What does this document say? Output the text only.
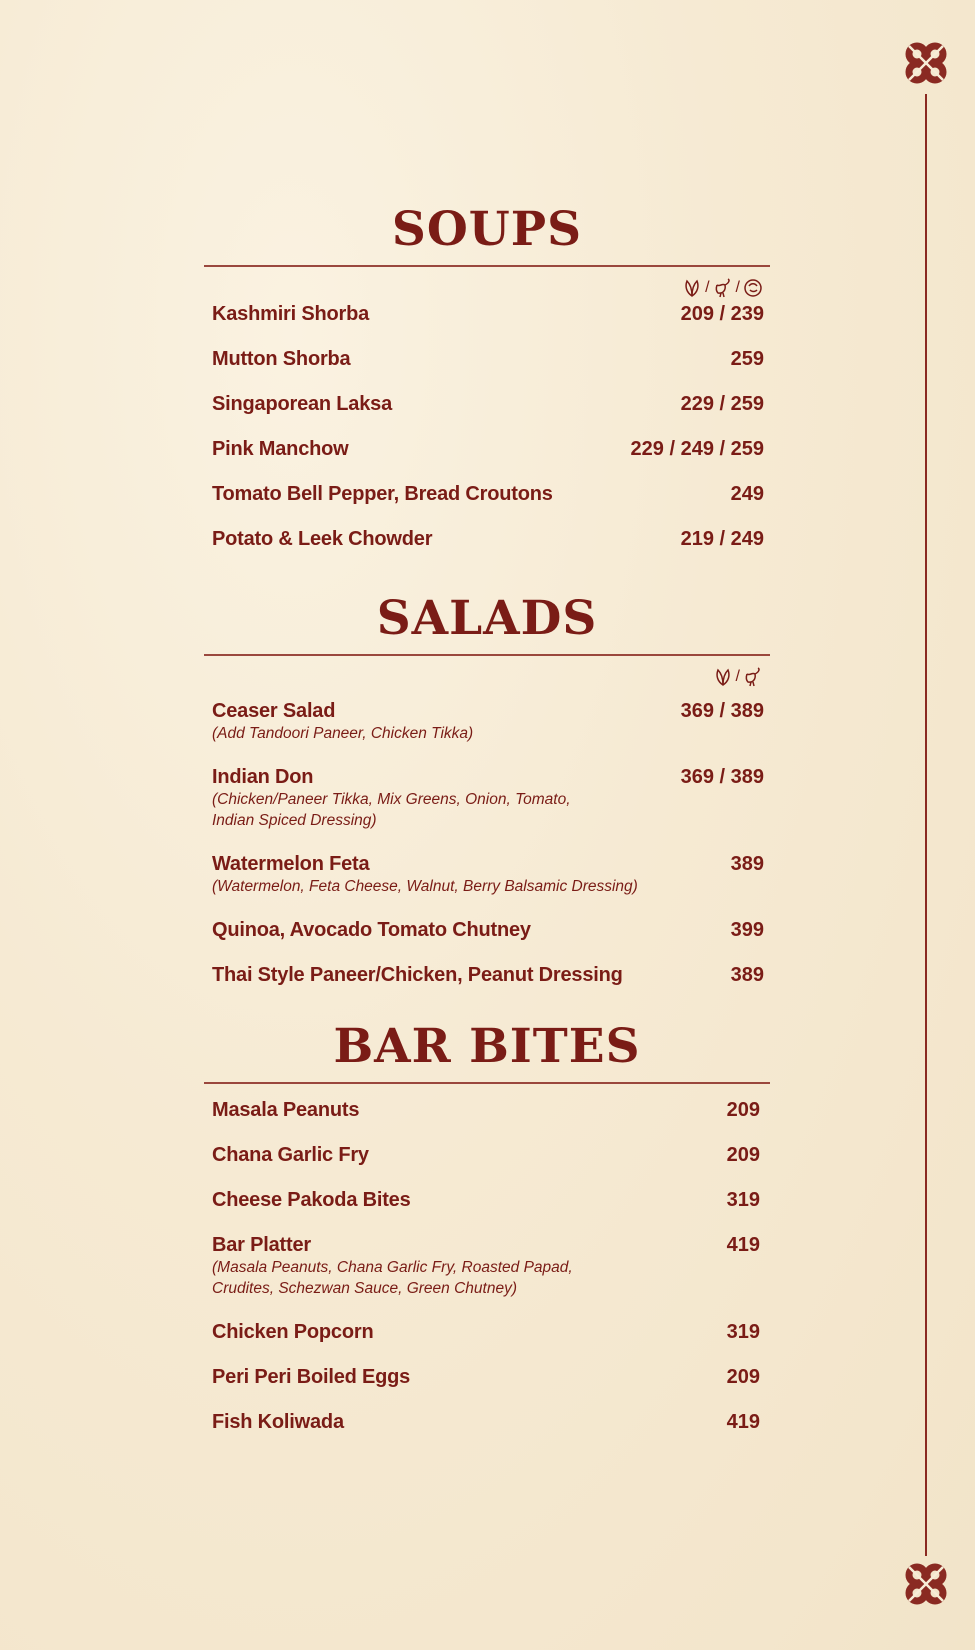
SOUPS
/ /
Kashmiri Shorba	209 / 239
Mutton Shorba	259
Singaporean Laksa	229 / 259
Pink Manchow	229 / 249 / 259
Tomato Bell Pepper, Bread Croutons	249
Potato & Leek Chowder	219 / 249
SALADS
/
Ceaser Salad
(Add Tandoori Paneer, Chicken Tikka)
369 / 389
Indian Don
(Chicken/Paneer Tikka, Mix Greens, Onion, Tomato, Indian Spiced Dressing)
369 / 389
Watermelon Feta
(Watermelon, Feta Cheese, Walnut, Berry Balsamic Dressing)
389
Quinoa, Avocado Tomato Chutney	399
Thai Style Paneer/Chicken, Peanut Dressing	389
BAR BITES
Masala Peanuts	209
Chana Garlic Fry	209
Cheese Pakoda Bites	319
Bar Platter
(Masala Peanuts, Chana Garlic Fry, Roasted Papad, Crudites, Schezwan Sauce, Green Chutney)
419
Chicken Popcorn	319
Peri Peri Boiled Eggs	209
Fish Koliwada	419
